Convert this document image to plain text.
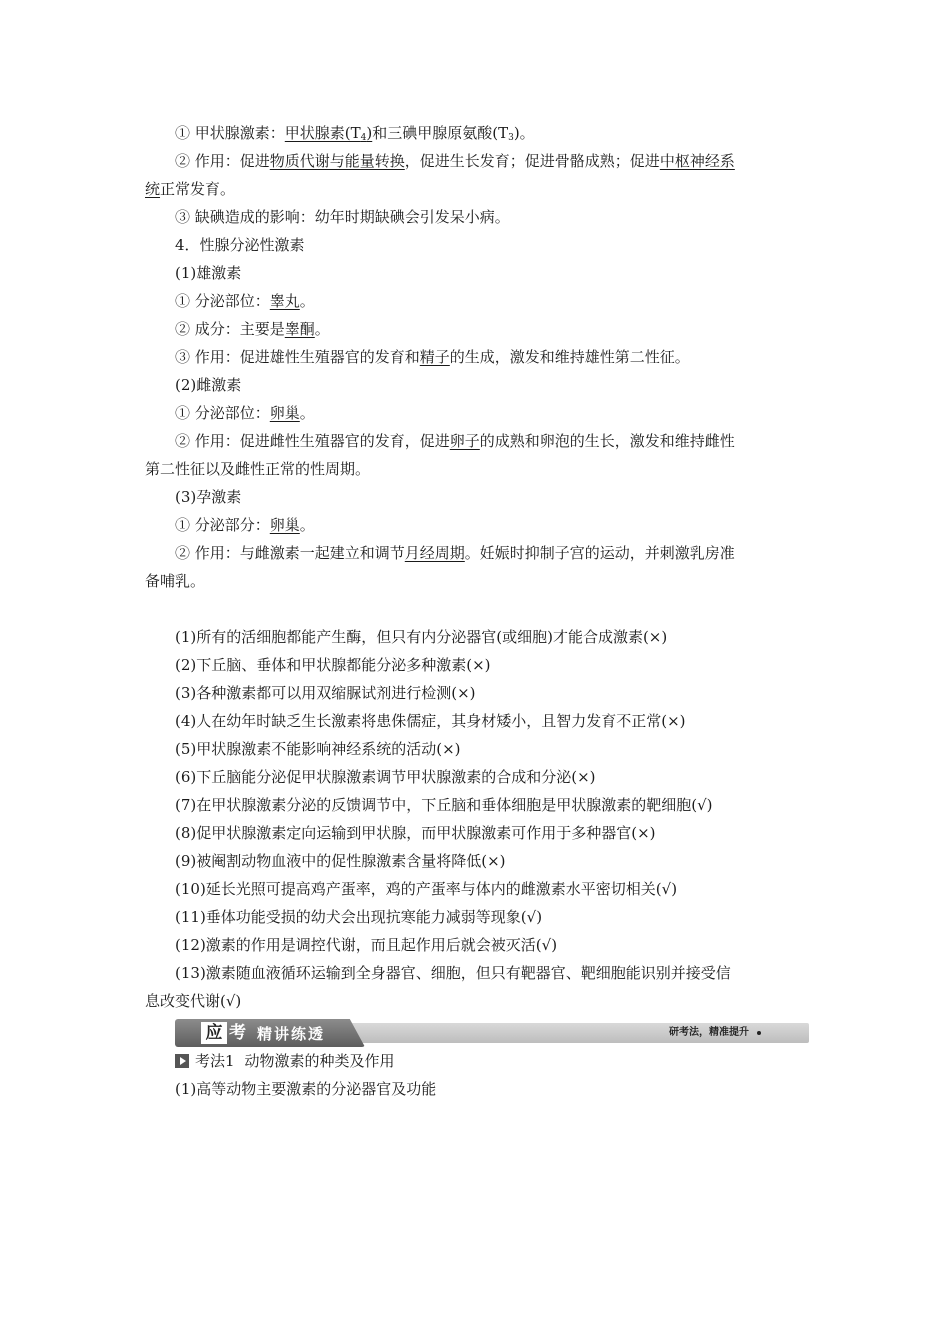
① 甲状腺激素：甲状腺素$(T_4)$和三碘甲腺原氨酸$(T_3)$。
② 作用：促进物质代谢与能量转换，促进生长发育；促进骨骼成熟；促进中枢神经系
统正常发育。
③ 缺碘造成的影响：幼年时期缺碘会引发呆小病。
4．性腺分泌性激素
(1)雄激素
① 分泌部位：睾丸。
② 成分：主要是睾酮。
③ 作用：促进雄性生殖器官的发育和精子的生成，激发和维持雄性第二性征。
(2)雌激素
① 分泌部位：卵巢。
② 作用：促进雌性生殖器官的发育，促进卵子的成熟和卵泡的生长，激发和维持雌性
第二性征以及雌性正常的性周期。
(3)孕激素
① 分泌部分：卵巢。
② 作用：与雌激素一起建立和调节月经周期。妊娠时抑制子宫的运动，并刺激乳房准
备哺乳。
(1)所有的活细胞都能产生酶，但只有内分泌器官(或细胞)才能合成激素(×)
(2)下丘脑、垂体和甲状腺都能分泌多种激素(×)
(3)各种激素都可以用双缩脲试剂进行检测(×)
(4)人在幼年时缺乏生长激素将患侏儒症，其身材矮小，且智力发育不正常(×)
(5)甲状腺激素不能影响神经系统的活动(×)
(6)下丘脑能分泌促甲状腺激素调节甲状腺激素的合成和分泌(×)
(7)在甲状腺激素分泌的反馈调节中，下丘脑和垂体细胞是甲状腺激素的靶细胞(√)
(8)促甲状腺激素定向运输到甲状腺，而甲状腺激素可作用于多种器官(×)
(9)被阉割动物血液中的促性腺激素含量将降低(×)
(10)延长光照可提高鸡产蛋率，鸡的产蛋率与体内的雌激素水平密切相关(√)
(11)垂体功能受损的幼犬会出现抗寒能力减弱等现象(√)
(12)激素的作用是调控代谢，而且起作用后就会被灭活(√)
(13)激素随血液循环运输到全身器官、细胞，但只有靶器官、靶细胞能识别并接受信
息改变代谢(√)
应 考 精讲练透	研考法，精准提升
考法1 动物激素的种类及作用
(1)高等动物主要激素的分泌器官及功能
